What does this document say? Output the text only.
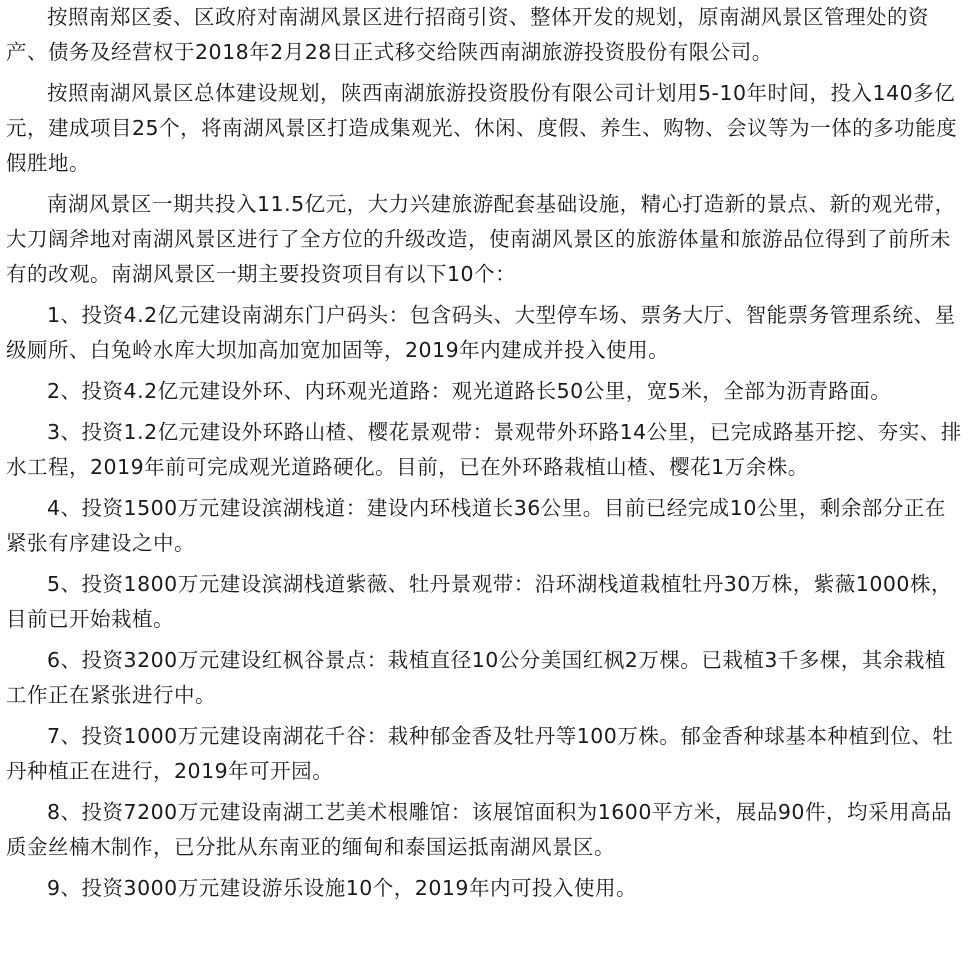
按照南郑区委、区政府对南湖风景区进行招商引资、整体开发的规划，原南湖风景区管理处的资产、债务及经营权于2018年2月28日正式移交给陕西南湖旅游投资股份有限公司。

按照南湖风景区总体建设规划，陕西南湖旅游投资股份有限公司计划用5-10年时间，投入140多亿元，建成项目25个，将南湖风景区打造成集观光、休闲、度假、养生、购物、会议等为一体的多功能度假胜地。

南湖风景区一期共投入11.5亿元，大力兴建旅游配套基础设施，精心打造新的景点、新的观光带，大刀阔斧地对南湖风景区进行了全方位的升级改造，使南湖风景区的旅游体量和旅游品位得到了前所未有的改观。南湖风景区一期主要投资项目有以下10个：

1、投资4.2亿元建设南湖东门户码头：包含码头、大型停车场、票务大厅、智能票务管理系统、星级厕所、白兔岭水库大坝加高加宽加固等，2019年内建成并投入使用。

2、投资4.2亿元建设外环、内环观光道路：观光道路长50公里，宽5米，全部为沥青路面。

3、投资1.2亿元建设外环路山楂、樱花景观带：景观带外环路14公里，已完成路基开挖、夯实、排水工程，2019年前可完成观光道路硬化。目前，已在外环路栽植山楂、樱花1万余株。

4、投资1500万元建设滨湖栈道：建设内环栈道长36公里。目前已经完成10公里，剩余部分正在紧张有序建设之中。

5、投资1800万元建设滨湖栈道紫薇、牡丹景观带：沿环湖栈道栽植牡丹30万株，紫薇1000株，目前已开始栽植。

6、投资3200万元建设红枫谷景点：栽植直径10公分美国红枫2万棵。已栽植3千多棵，其余栽植工作正在紧张进行中。

7、投资1000万元建设南湖花千谷：栽种郁金香及牡丹等100万株。郁金香种球基本种植到位、牡丹种植正在进行，2019年可开园。

8、投资7200万元建设南湖工艺美术根雕馆：该展馆面积为1600平方米，展品90件，均采用高品质金丝楠木制作，已分批从东南亚的缅甸和泰国运抵南湖风景区。

9、投资3000万元建设游乐设施10个，2019年内可投入使用。
